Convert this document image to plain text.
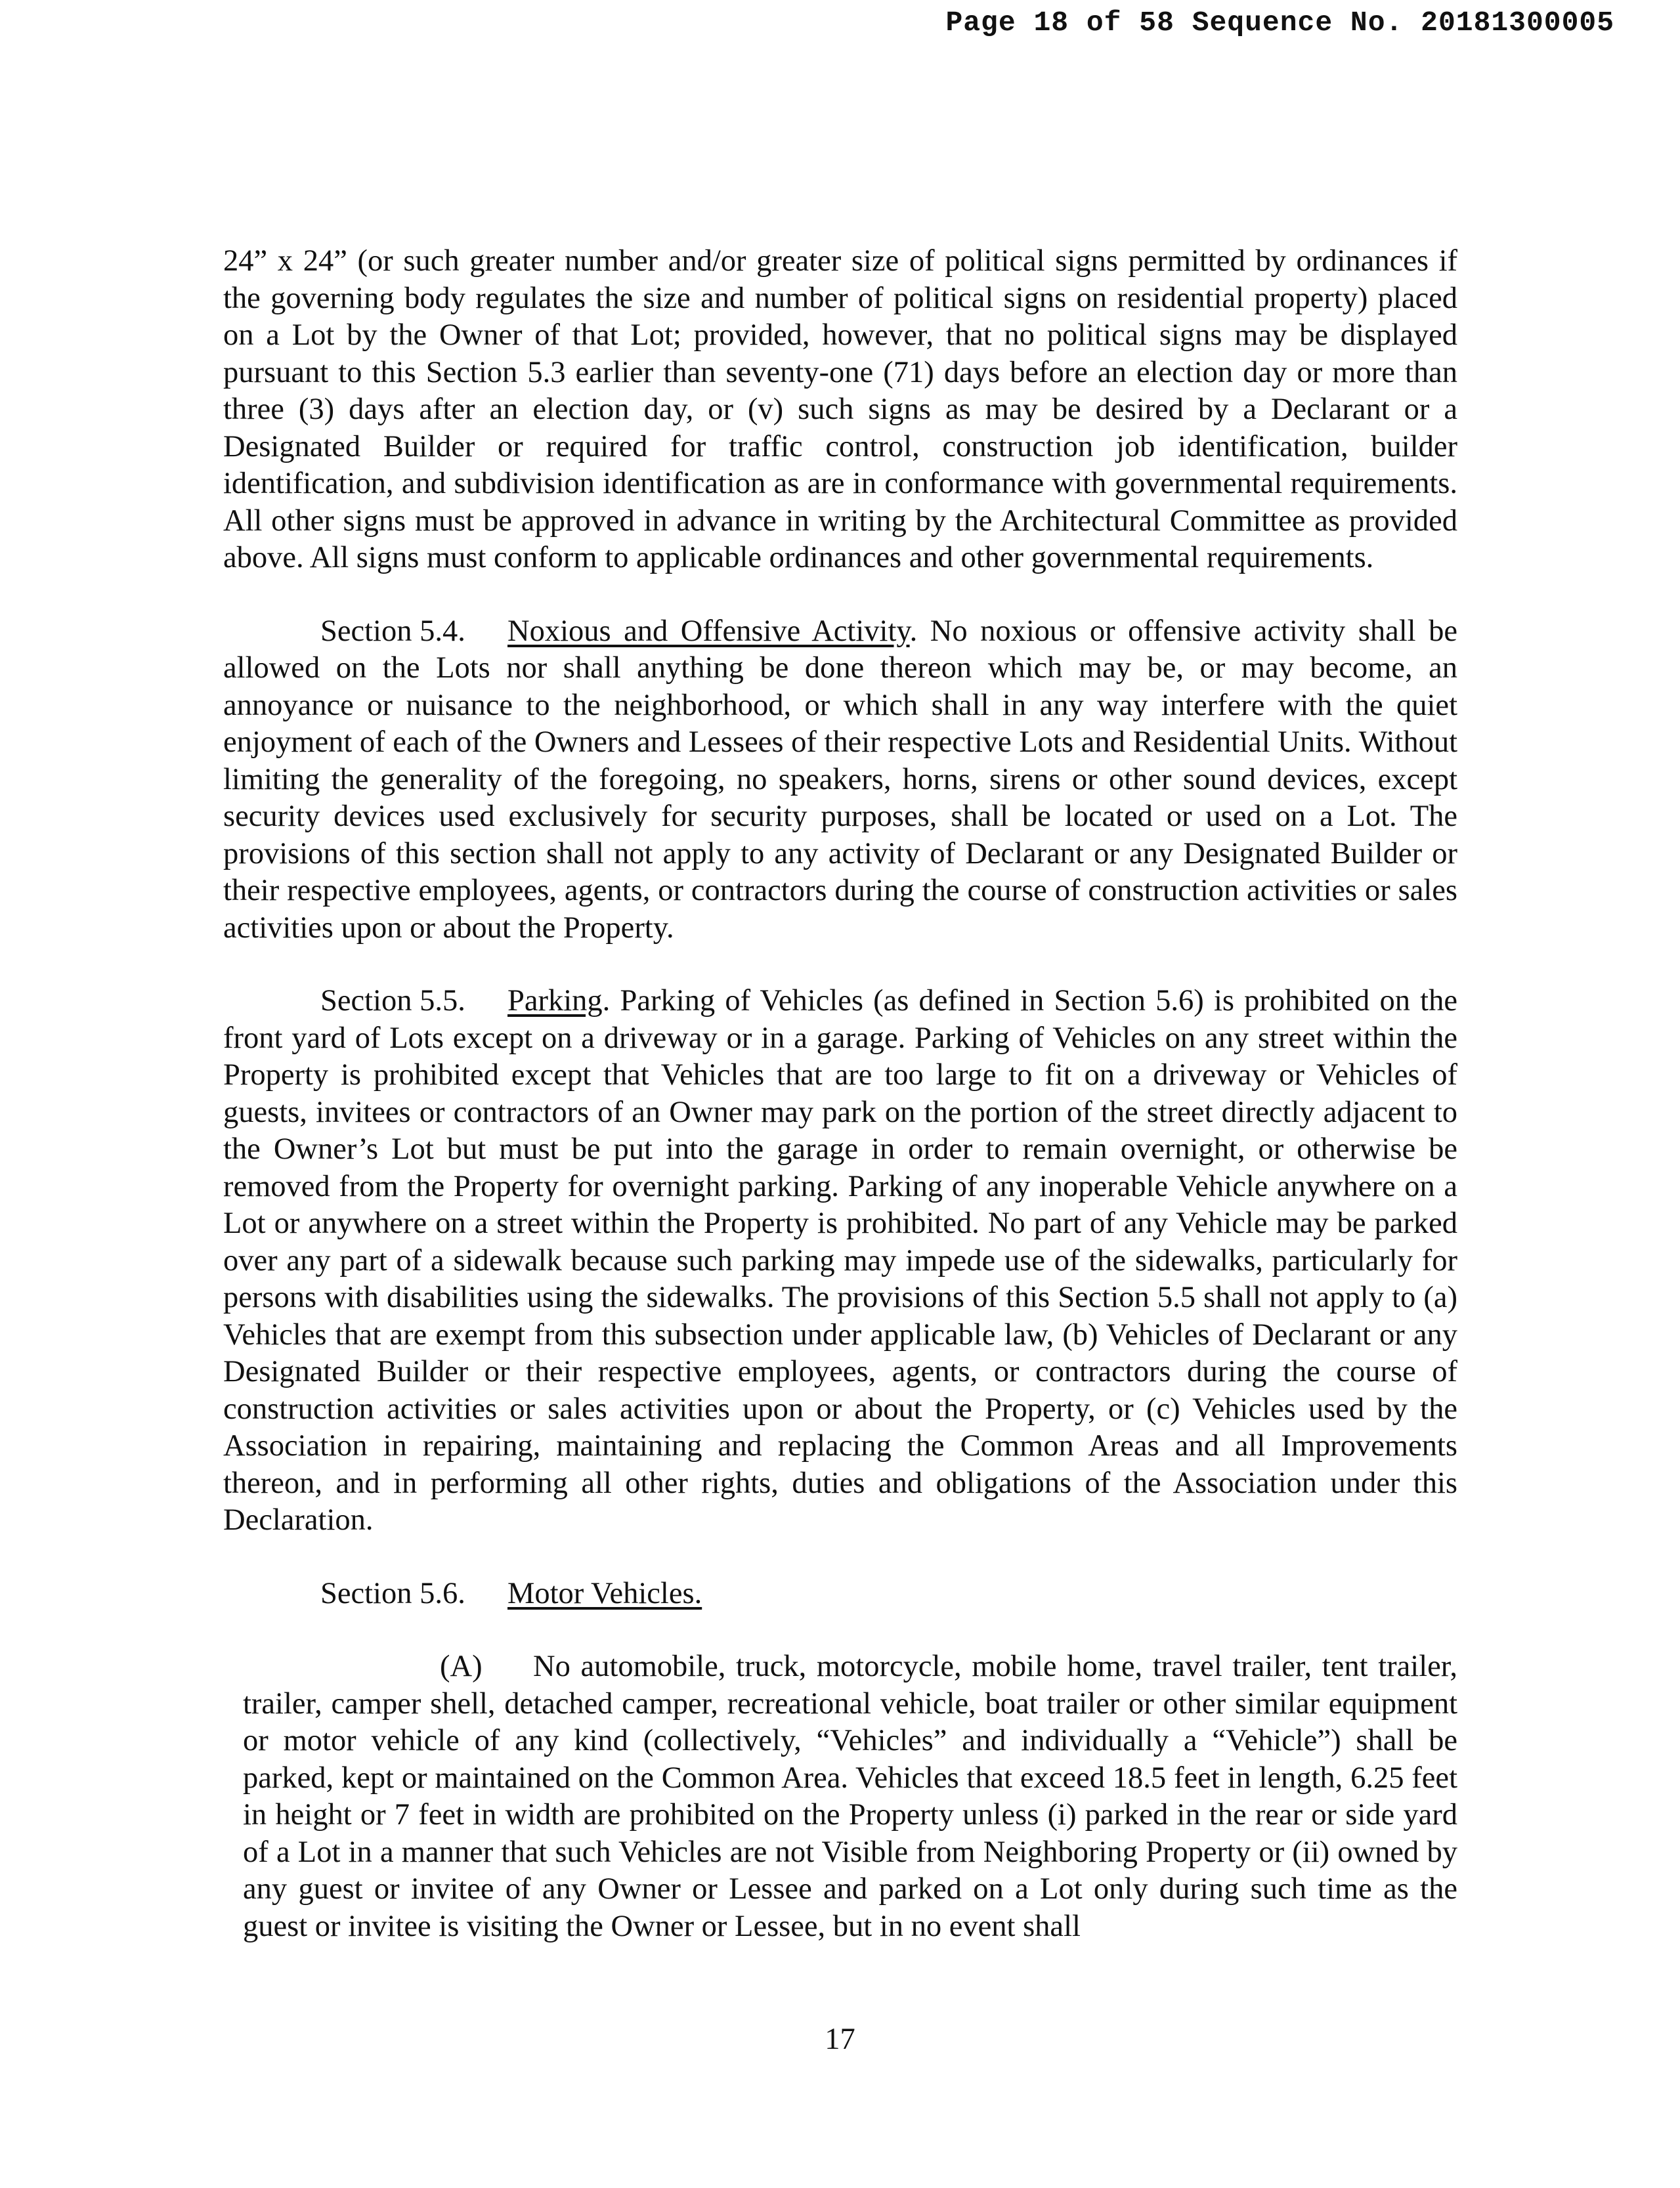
Page 18 of 58 Sequence No. 20181300005

24” x 24” (or such greater number and/or greater size of political signs permitted by ordinances if the governing body regulates the size and number of political signs on residential property) placed on a Lot by the Owner of that Lot; provided, however, that no political signs may be displayed pursuant to this Section 5.3 earlier than seventy-one (71) days before an election day or more than three (3) days after an election day, or (v) such signs as may be desired by a Declarant or a Designated Builder or required for traffic control, construction job identification, builder identification, and subdivision identification as are in conformance with governmental requirements. All other signs must be approved in advance in writing by the Architectural Committee as provided above. All signs must conform to applicable ordinances and other governmental requirements.

Section 5.4. Noxious and Offensive Activity. No noxious or offensive activity shall be allowed on the Lots nor shall anything be done thereon which may be, or may become, an annoyance or nuisance to the neighborhood, or which shall in any way interfere with the quiet enjoyment of each of the Owners and Lessees of their respective Lots and Residential Units. Without limiting the generality of the foregoing, no speakers, horns, sirens or other sound devices, except security devices used exclusively for security purposes, shall be located or used on a Lot. The provisions of this section shall not apply to any activity of Declarant or any Designated Builder or their respective employees, agents, or contractors during the course of construction activities or sales activities upon or about the Property.

Section 5.5. Parking. Parking of Vehicles (as defined in Section 5.6) is prohibited on the front yard of Lots except on a driveway or in a garage. Parking of Vehicles on any street within the Property is prohibited except that Vehicles that are too large to fit on a driveway or Vehicles of guests, invitees or contractors of an Owner may park on the portion of the street directly adjacent to the Owner’s Lot but must be put into the garage in order to remain overnight, or otherwise be removed from the Property for overnight parking. Parking of any inoperable Vehicle anywhere on a Lot or anywhere on a street within the Property is prohibited. No part of any Vehicle may be parked over any part of a sidewalk because such parking may impede use of the sidewalks, particularly for persons with disabilities using the sidewalks. The provisions of this Section 5.5 shall not apply to (a) Vehicles that are exempt from this subsection under applicable law, (b) Vehicles of Declarant or any Designated Builder or their respective employees, agents, or contractors during the course of construction activities or sales activities upon or about the Property, or (c) Vehicles used by the Association in repairing, maintaining and replacing the Common Areas and all Improvements thereon, and in performing all other rights, duties and obligations of the Association under this Declaration.

Section 5.6. Motor Vehicles.

(A) No automobile, truck, motorcycle, mobile home, travel trailer, tent trailer, trailer, camper shell, detached camper, recreational vehicle, boat trailer or other similar equipment or motor vehicle of any kind (collectively, “Vehicles” and individually a “Vehicle”) shall be parked, kept or maintained on the Common Area. Vehicles that exceed 18.5 feet in length, 6.25 feet in height or 7 feet in width are prohibited on the Property unless (i) parked in the rear or side yard of a Lot in a manner that such Vehicles are not Visible from Neighboring Property or (ii) owned by any guest or invitee of any Owner or Lessee and parked on a Lot only during such time as the guest or invitee is visiting the Owner or Lessee, but in no event shall

17
